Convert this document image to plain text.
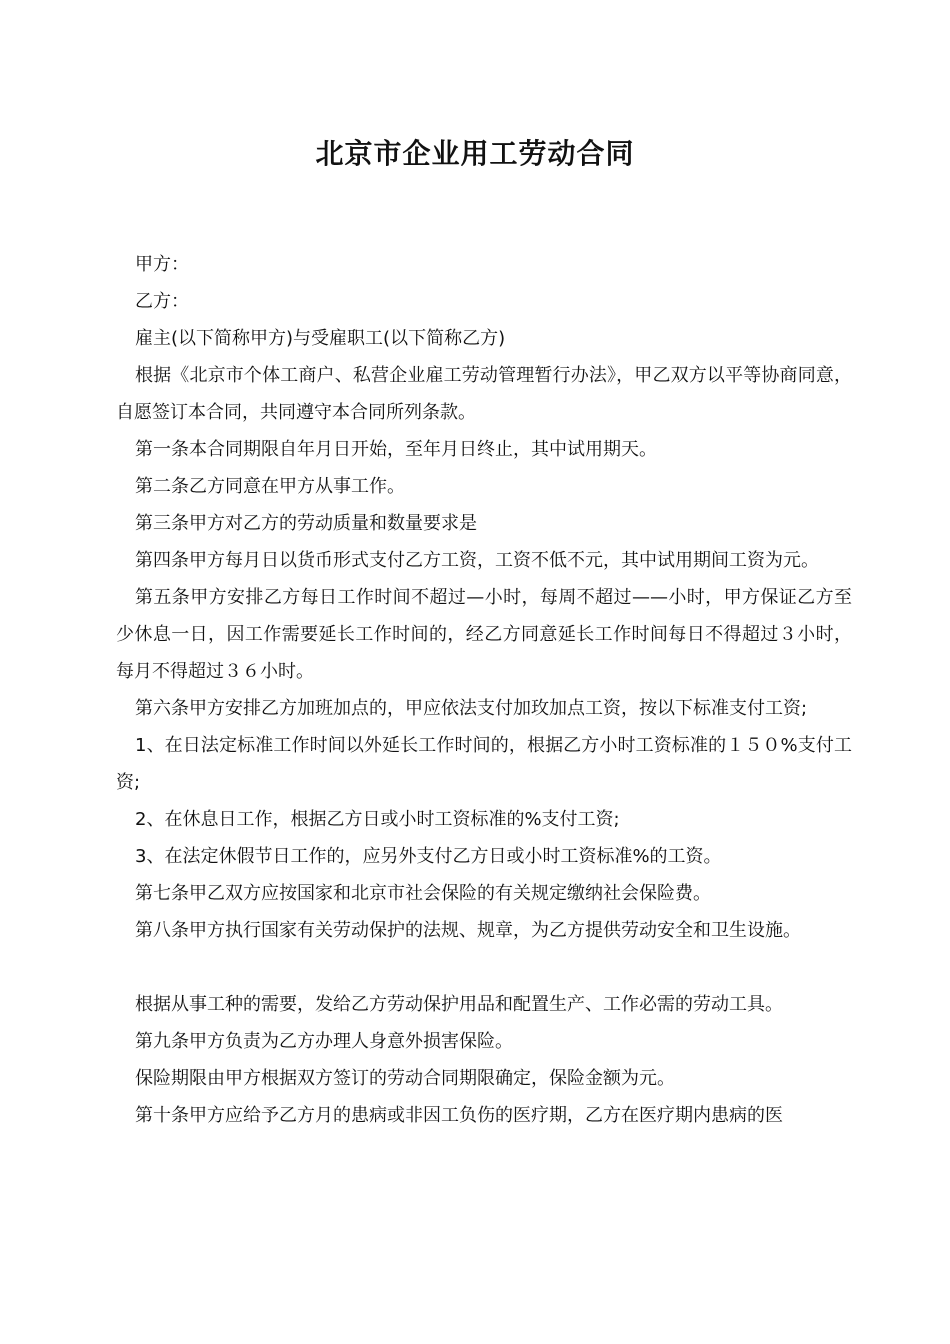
北京市企业用工劳动合同

甲方：

乙方：

雇主(以下简称甲方)与受雇职工(以下简称乙方)

根据《北京市个体工商户、私营企业雇工劳动管理暂行办法》，甲乙双方以平等协商同意，自愿签订本合同，共同遵守本合同所列条款。

第一条本合同期限自年月日开始，至年月日终止，其中试用期天。

第二条乙方同意在甲方从事工作。

第三条甲方对乙方的劳动质量和数量要求是

第四条甲方每月日以货币形式支付乙方工资，工资不低不元，其中试用期间工资为元。

第五条甲方安排乙方每日工作时间不超过—小时，每周不超过——小时，甲方保证乙方至少休息一日，因工作需要延长工作时间的，经乙方同意延长工作时间每日不得超过３小时，每月不得超过３６小时。

第六条甲方安排乙方加班加点的，甲应依法支付加玫加点工资，按以下标准支付工资;

1、在日法定标准工作时间以外延长工作时间的，根据乙方小时工资标准的１５０%支付工资;

2、在休息日工作，根据乙方日或小时工资标准的%支付工资;

3、在法定休假节日工作的，应另外支付乙方日或小时工资标准%的工资。

第七条甲乙双方应按国家和北京市社会保险的有关规定缴纳社会保险费。

第八条甲方执行国家有关劳动保护的法规、规章，为乙方提供劳动安全和卫生设施。

根据从事工种的需要，发给乙方劳动保护用品和配置生产、工作必需的劳动工具。

第九条甲方负责为乙方办理人身意外损害保险。

保险期限由甲方根据双方签订的劳动合同期限确定，保险金额为元。

第十条甲方应给予乙方月的患病或非因工负伤的医疗期，乙方在医疗期内患病的医
